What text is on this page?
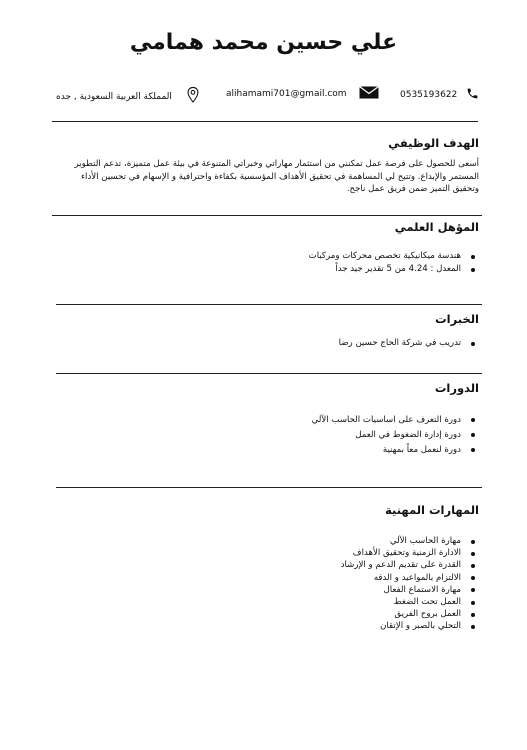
علي حسين محمد همامي
0535193622
alihamami701@gmail.com
المملكة العربية السعودية , جده
الهدف الوظيفي
أسعى للحصول على فرصة عمل تمكنني من استثمار مهاراتي وخبراتي المتنوعة في بيئة عمل متميزة، تدعم التطوير المستمر والإبداع. وتتيح لي المساهمة في تحقيق الأهداف المؤسسية بكفاءة واحترافية و الإسهام في تحسين الأداء وتحقيق التميز ضمن فريق عمل ناجح.
المؤهل العلمي
هندسة ميكانيكية تخصص محركات ومركبات
المعدل : 4.24 من 5 تقدير جيد جداً
الخبرات
تدريب في شركة الحاج حسين رضا
الدورات
دورة التعرف على اساسيات الحاسب الآلي
دورة إدارة الضغوط في العمل
دورة لنعمل معاً بمهنية
المهارات المهنية
مهارة الحاسب الآلي
الادارة الزمنية وتحقيق الأهداف
القدرة على تقديم الدعم و الإرشاد
الالتزام بالمواعيد و الدقه
مهارة الاستماع الفعال
العمل تحت الضغط
العمل بروح الفريق
التحلي بالصبر و الإتقان
